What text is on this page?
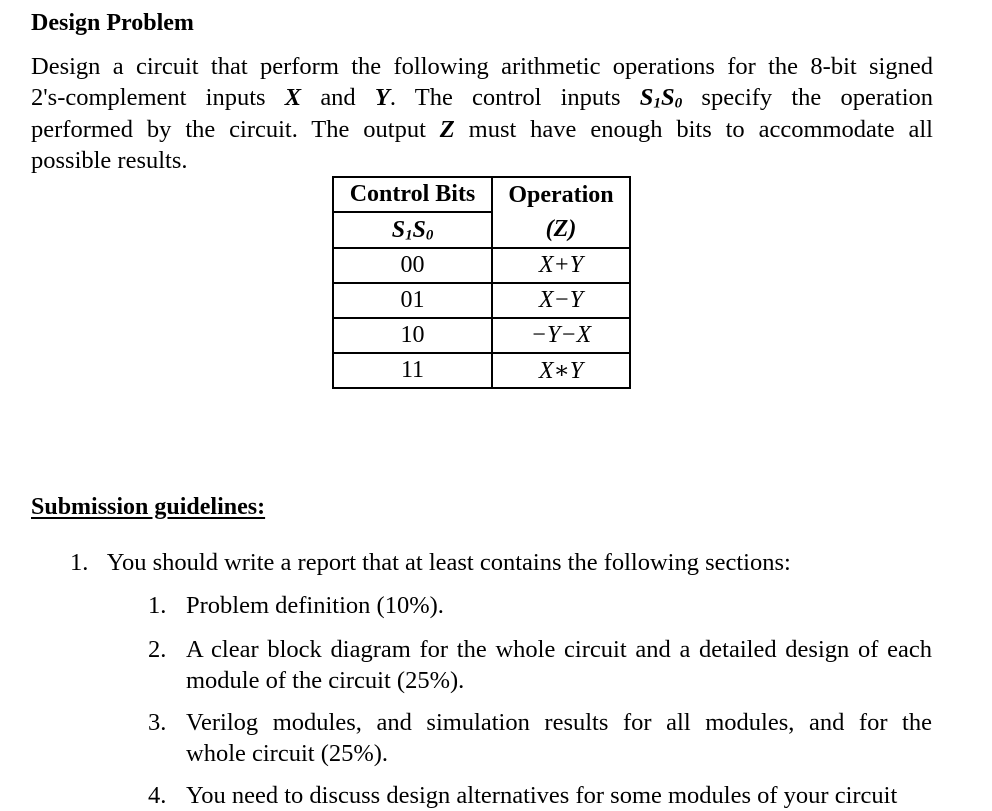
Design Problem
Design a circuit that perform the following arithmetic operations for the 8-bit signed
2's-complement inputs X and Y. The control inputs $S_1S_0$ specify the operation
performed by the circuit. The output Z must have enough bits to accommodate all
possible results.
Control Bits	Operation
$S_1S_0$	(Z)
00	X+Y
01	X−Y
10	−Y−X
11	X∗Y
Submission guidelines:
1. You should write a report that at least contains the following sections:
1. Problem definition (10%).
2. A clear block diagram for the whole circuit and a detailed design of each
module of the circuit (25%).
3. Verilog modules, and simulation results for all modules, and for the
whole circuit (25%).
4. You need to discuss design alternatives for some modules of your circuit
